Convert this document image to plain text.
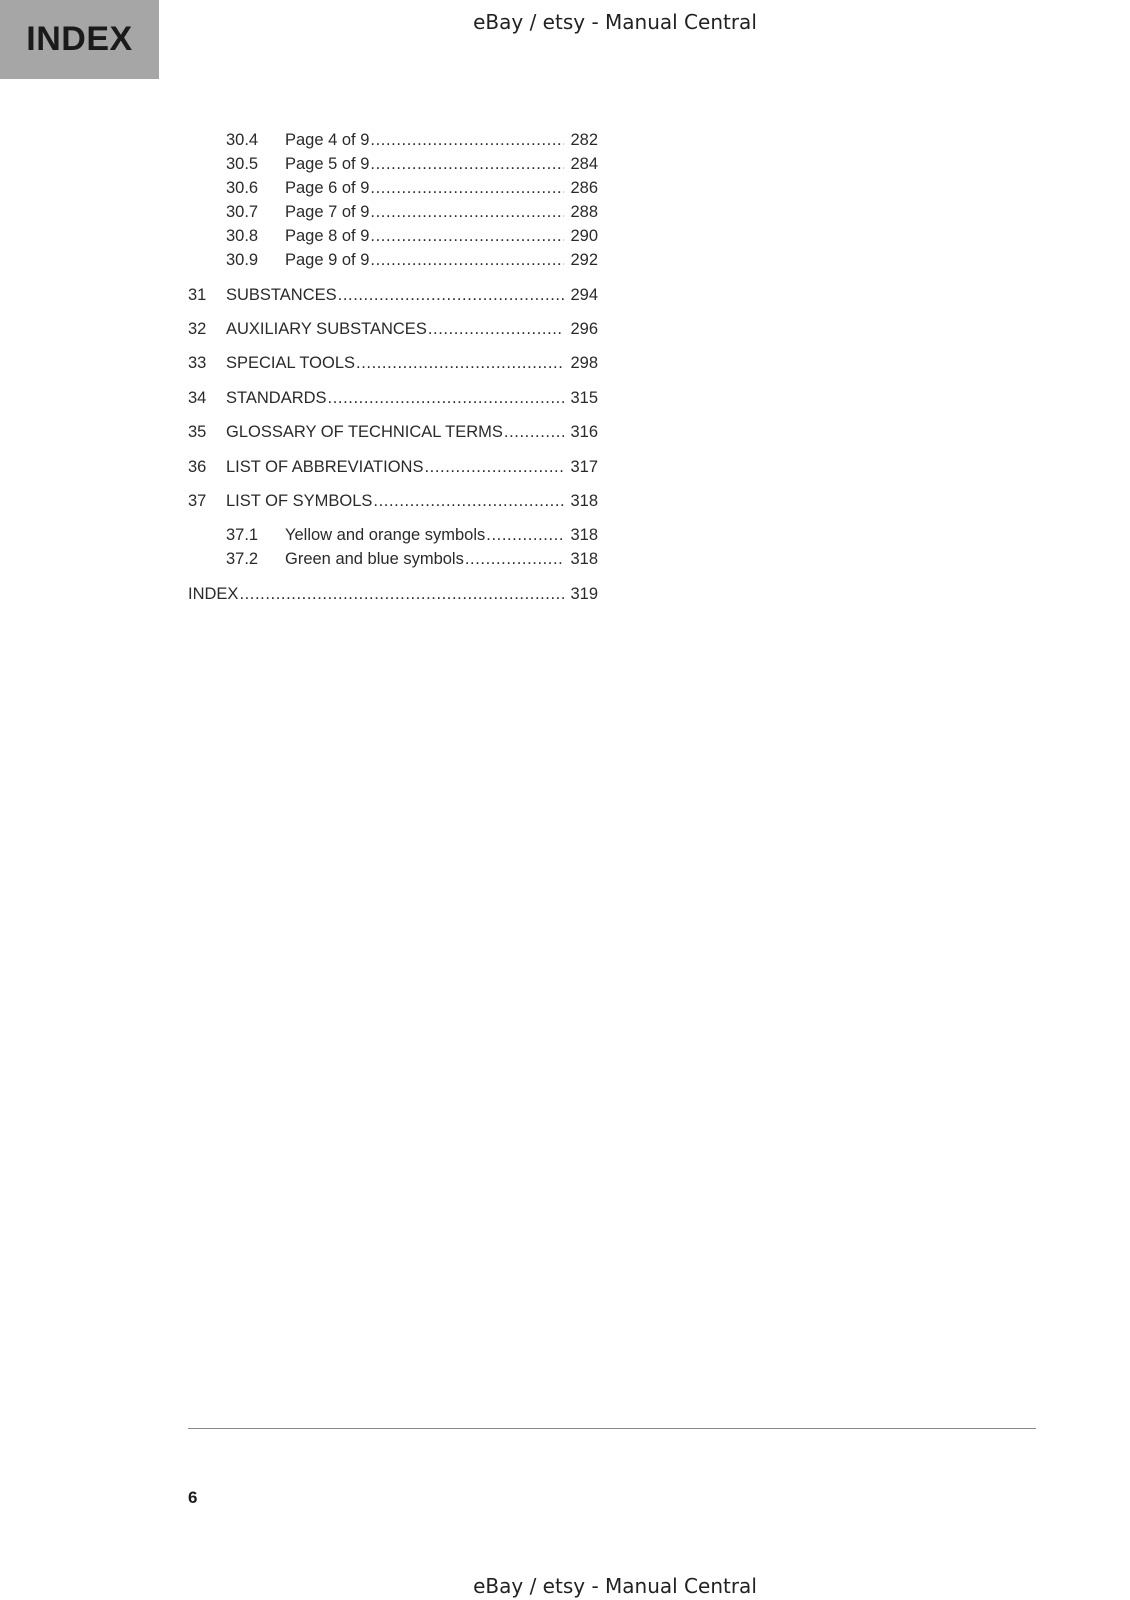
INDEX	eBay / etsy - Manual Central
30.4 Page 4 of 9 .....	282
30.5 Page 5 of 9 .....	284
30.6 Page 6 of 9 .....	286
30.7 Page 7 of 9 .....	288
30.8 Page 8 of 9 .....	290
30.9 Page 9 of 9 .....	292
31 SUBSTANCES .....	294
32 AUXILIARY SUBSTANCES .....	296
33 SPECIAL TOOLS .....	298
34 STANDARDS .....	315
35 GLOSSARY OF TECHNICAL TERMS .....	316
36 LIST OF ABBREVIATIONS .....	317
37 LIST OF SYMBOLS .....	318
37.1 Yellow and orange symbols .....	318
37.2 Green and blue symbols .....	318
INDEX .....	319
6
eBay / etsy - Manual Central
